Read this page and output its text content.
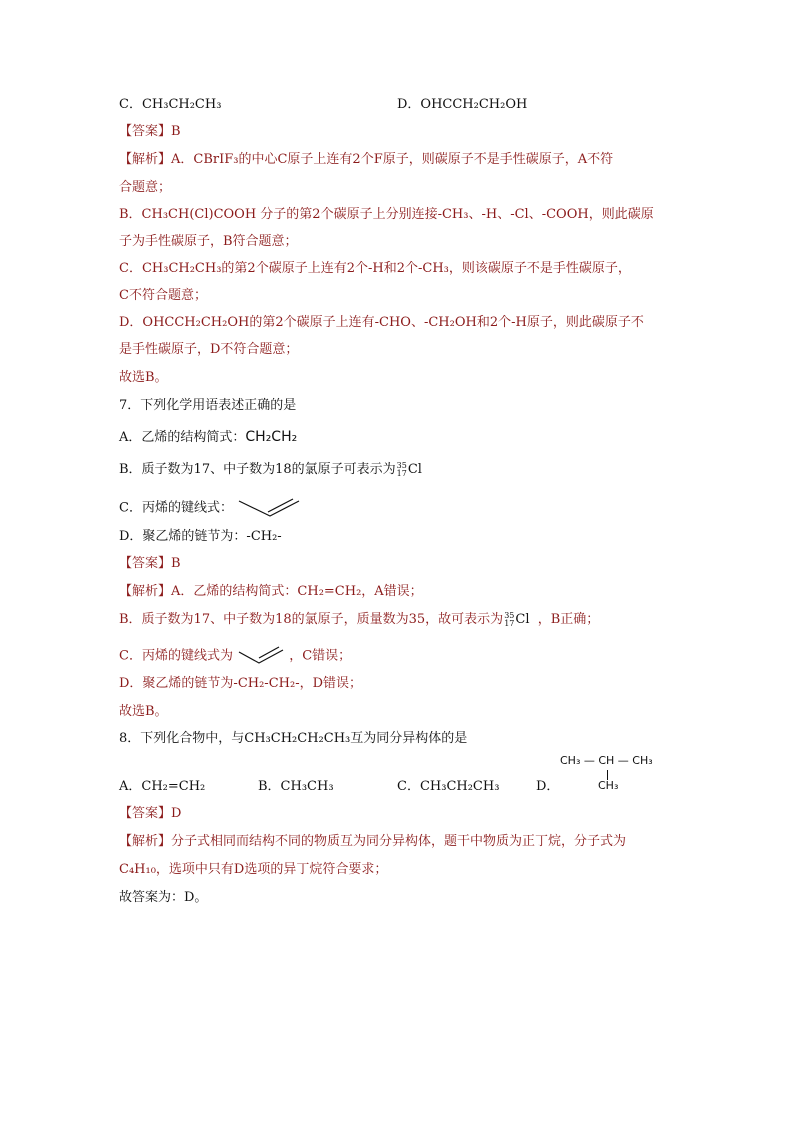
C．CH₃CH₂CH₃	D．OHCCH₂CH₂OH
【答案】B
【解析】A．CBrIF₃的中心C原子上连有2个F原子，则碳原子不是手性碳原子，A不符
合题意；
B．CH₃CH(Cl)COOH 分子的第2个碳原子上分别连接-CH₃、-H、-Cl、-COOH，则此碳原
子为手性碳原子，B符合题意；
C．CH₃CH₂CH₃的第2个碳原子上连有2个-H和2个-CH₃，则该碳原子不是手性碳原子，
C不符合题意；
D．OHCCH₂CH₂OH的第2个碳原子上连有-CHO、-CH₂OH和2个-H原子，则此碳原子不
是手性碳原子，D不符合题意；
故选B。
7．下列化学用语表述正确的是
A．乙烯的结构简式：CH₂CH₂
B．质子数为17、中子数为18的氯原子可表示为 35
17 Cl
C．丙烯的键线式：
D．聚乙烯的链节为：-CH₂-
【答案】B
【解析】A．乙烯的结构简式：CH₂=CH₂，A错误；
B．质子数为17、中子数为18的氯原子，质量数为35，故可表示为 35
17 Cl ，B正确；
C．丙烯的键线式为	，C错误；
D．聚乙烯的链节为-CH₂-CH₂-，D错误；
故选B。
8．下列化合物中，与CH₃CH₂CH₂CH₃互为同分异构体的是
CH₃ — CH — CH₃
CH₃
A．CH₂=CH₂	B．CH₃CH₃	C．CH₃CH₂CH₃	D．
【答案】D
【解析】分子式相同而结构不同的物质互为同分异构体，题干中物质为正丁烷，分子式为
C₄H₁₀，选项中只有D选项的异丁烷符合要求；
故答案为：D。
